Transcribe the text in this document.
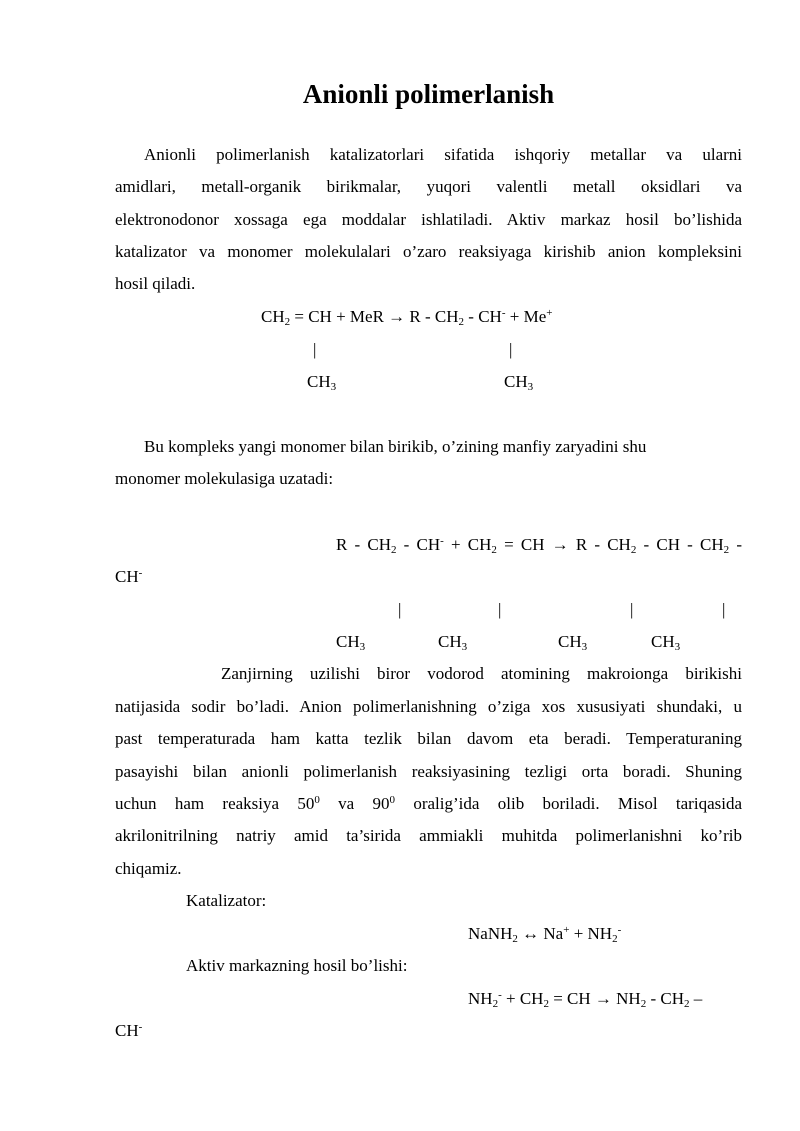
Anionli polimerlanish
Anionli polimerlanish katalizatorlari sifatida ishqoriy metallar va ularni
amidlari, metall-organik birikmalar, yuqori valentli metall oksidlari va
elektronodonor xossaga ega moddalar ishlatiladi. Aktiv markaz hosil bo’lishida
katalizator va monomer molekulalari o’zaro reaksiyaga kirishib anion kompleksini
hosil qiladi.
$CH_2$ = CH + MeR → $R - CH_2 - CH^- + Me^+$
|	|
$CH_3$	$CH_3$
Bu kompleks yangi monomer bilan birikib, o’zining manfiy zaryadini shu
monomer molekulasiga uzatadi:
$R - CH_2 - CH^- + CH_2$ = CH → R - $CH_2$ - CH - $CH_2$ -
CH-
|	|	|	|
$CH_3$	$CH_3$	$CH_3$	$CH_3$
Zanjirning uzilishi biror vodorod atomining makroionga birikishi
natijasida sodir bo’ladi. Anion polimerlanishning o’ziga xos xususiyati shundaki, u
past temperaturada ham katta tezlik bilan davom eta beradi. Temperaturaning
pasayishi bilan anionli polimerlanish reaksiyasining tezligi orta boradi. Shuning
uchun ham reaksiya $50^0$ va $90^0$ oralig’ida olib boriladi. Misol tariqasida
akrilonitrilning natriy amid ta’sirida ammiakli muhitda polimerlanishni ko’rib
chiqamiz.
Katalizator:
NaNH$_2$ ↔ $Na^+ + NH_2^-$
Aktiv markazning hosil bo’lishi:
$NH_2^- + CH_2$ = CH → $NH_2 - CH_2$ –
CH-
